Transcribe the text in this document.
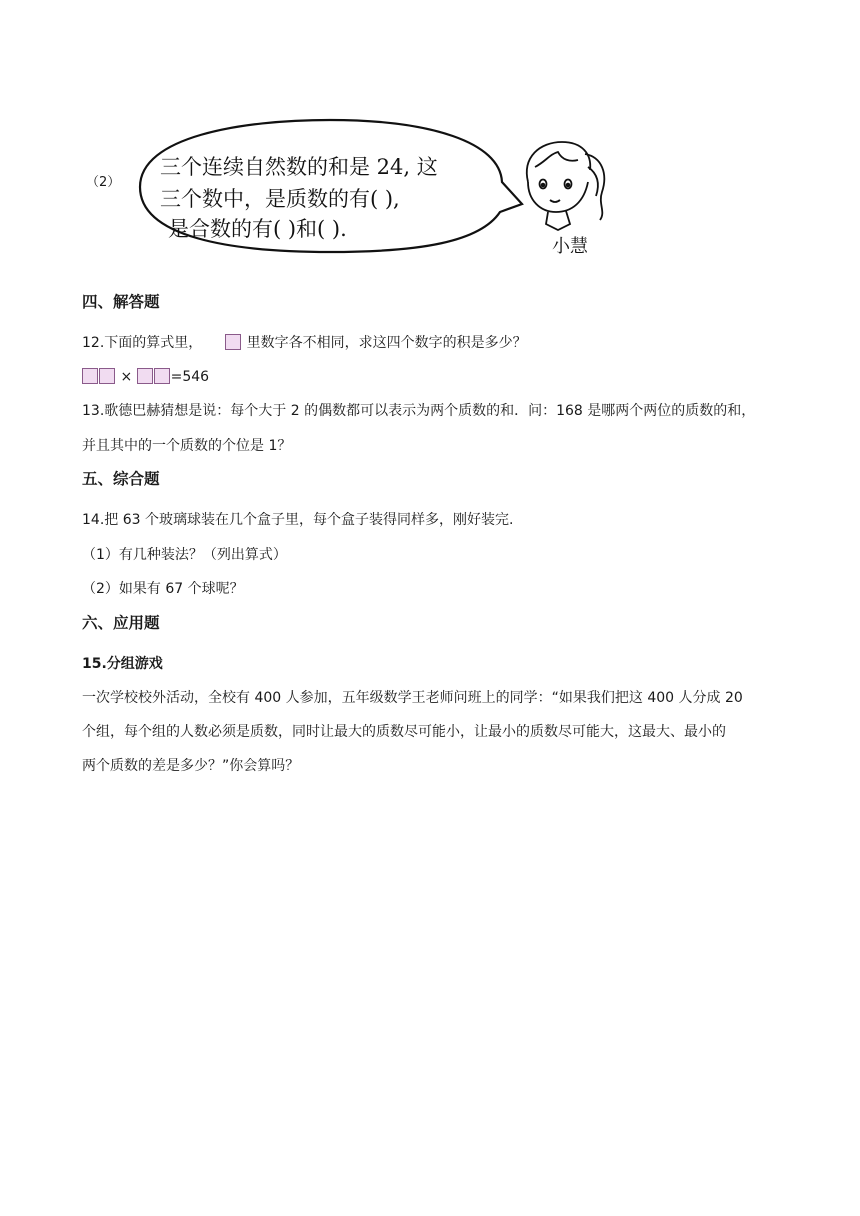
（2）
三个连续自然数的和是 24, 这
三个数中，是质数的有( ),
是合数的有( )和( ).
小慧
四、解答题
12.下面的算式里，	里数字各不相同，求这四个数字的积是多少？
×	=546
13.歌德巴赫猜想是说：每个大于 2 的偶数都可以表示为两个质数的和．问：168 是哪两个两位的质数的和，
并且其中的一个质数的个位是 1？
五、综合题
14.把 63 个玻璃球装在几个盒子里，每个盒子装得同样多，刚好装完.
（1）有几种装法？（列出算式）
（2）如果有 67 个球呢？
六、应用题
15.分组游戏
一次学校校外活动，全校有 400 人参加，五年级数学王老师问班上的同学：“如果我们把这 400 人分成 20
个组，每个组的人数必须是质数，同时让最大的质数尽可能小，让最小的质数尽可能大，这最大、最小的
两个质数的差是多少？”你会算吗？
